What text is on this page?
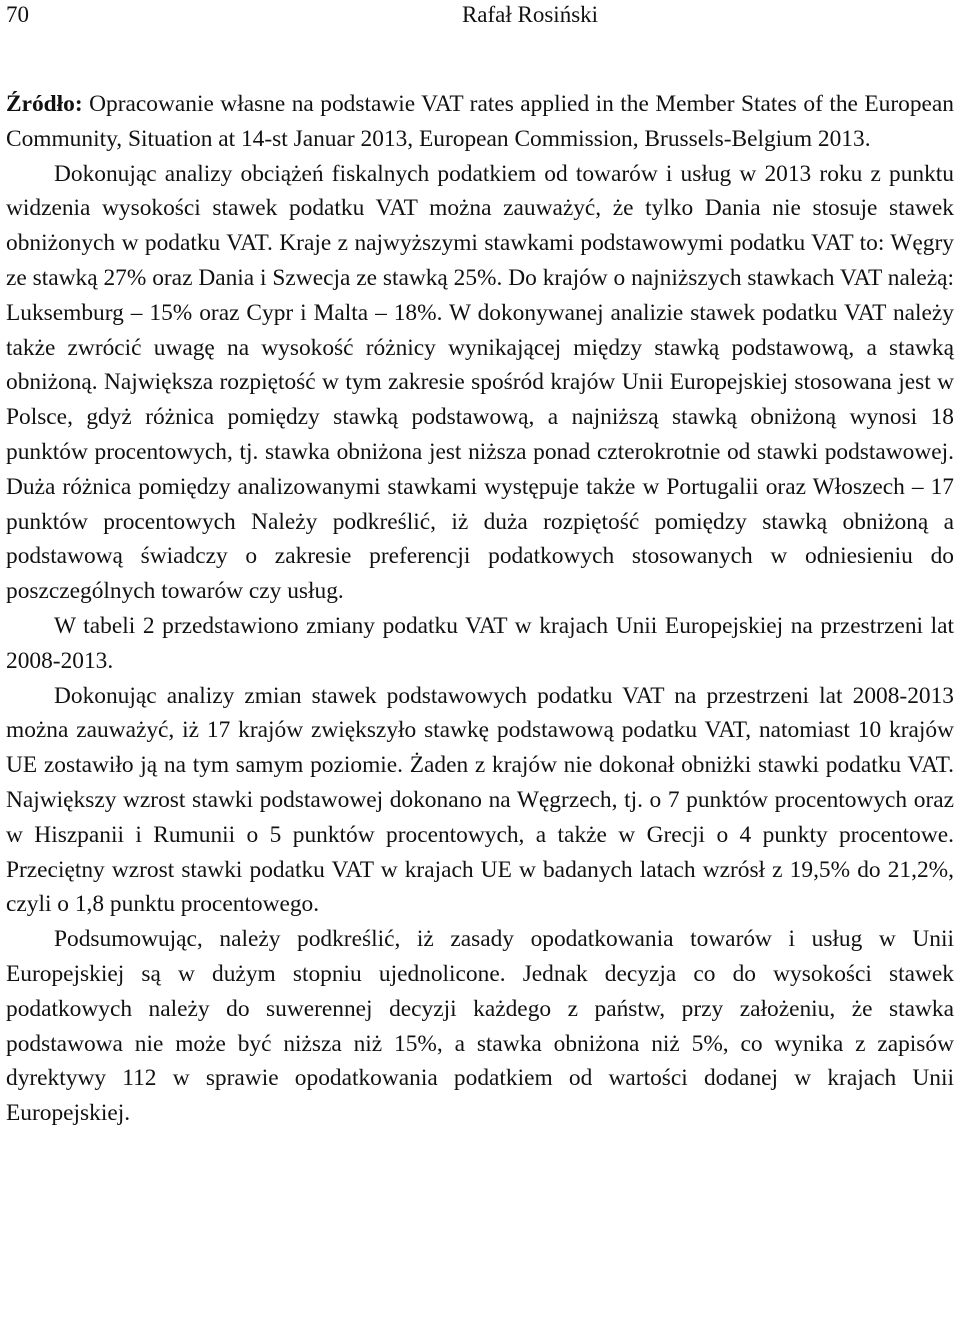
70	Rafał Rosiński

Źródło: Opracowanie własne na podstawie VAT rates applied in the Member States of the European Community, Situation at 14-st Januar 2013, European Commission, Brussels-Belgium 2013.

Dokonując analizy obciążeń fiskalnych podatkiem od towarów i usług w 2013 roku z punktu widzenia wysokości stawek podatku VAT można zauważyć, że tylko Dania nie stosuje stawek obniżonych w podatku VAT. Kraje z najwyższymi stawkami podstawowymi podatku VAT to: Węgry ze stawką 27% oraz Dania i Szwecja ze stawką 25%. Do krajów o najniższych stawkach VAT należą: Luksemburg – 15% oraz Cypr i Malta – 18%. W dokonywanej analizie stawek podatku VAT należy także zwrócić uwagę na wysokość różnicy wynikającej między stawką podstawową, a stawką obniżoną. Największa rozpiętość w tym zakresie spośród krajów Unii Europejskiej stosowana jest w Polsce, gdyż różnica pomiędzy stawką podstawową, a najniższą stawką obniżoną wynosi 18 punktów procentowych, tj. stawka obniżona jest niższa ponad czterokrotnie od stawki podstawowej. Duża różnica pomiędzy analizowanymi stawkami występuje także w Portugalii oraz Włoszech – 17 punktów procentowych Należy podkreślić, iż duża rozpiętość pomiędzy stawką obniżoną a podstawową świadczy o zakresie preferencji podatkowych stosowanych w odniesieniu do poszczególnych towarów czy usług.

W tabeli 2 przedstawiono zmiany podatku VAT w krajach Unii Europejskiej na przestrzeni lat 2008-2013.

Dokonując analizy zmian stawek podstawowych podatku VAT na przestrzeni lat 2008-2013 można zauważyć, iż 17 krajów zwiększyło stawkę podstawową podatku VAT, natomiast 10 krajów UE zostawiło ją na tym samym poziomie. Żaden z krajów nie dokonał obniżki stawki podatku VAT. Największy wzrost stawki podstawowej dokonano na Węgrzech, tj. o 7 punktów procentowych oraz w Hiszpanii i Rumunii o 5 punktów procentowych, a także w Grecji o 4 punkty procentowe. Przeciętny wzrost stawki podatku VAT w krajach UE w badanych latach wzrósł z 19,5% do 21,2%, czyli o 1,8 punktu procentowego.

Podsumowując, należy podkreślić, iż zasady opodatkowania towarów i usług w Unii Europejskiej są w dużym stopniu ujednolicone. Jednak decyzja co do wysokości stawek podatkowych należy do suwerennej decyzji każdego z państw, przy założeniu, że stawka podstawowa nie może być niższa niż 15%, a stawka obniżona niż 5%, co wynika z zapisów dyrektywy 112 w sprawie opodatkowania podatkiem od wartości dodanej w krajach Unii Europejskiej.
